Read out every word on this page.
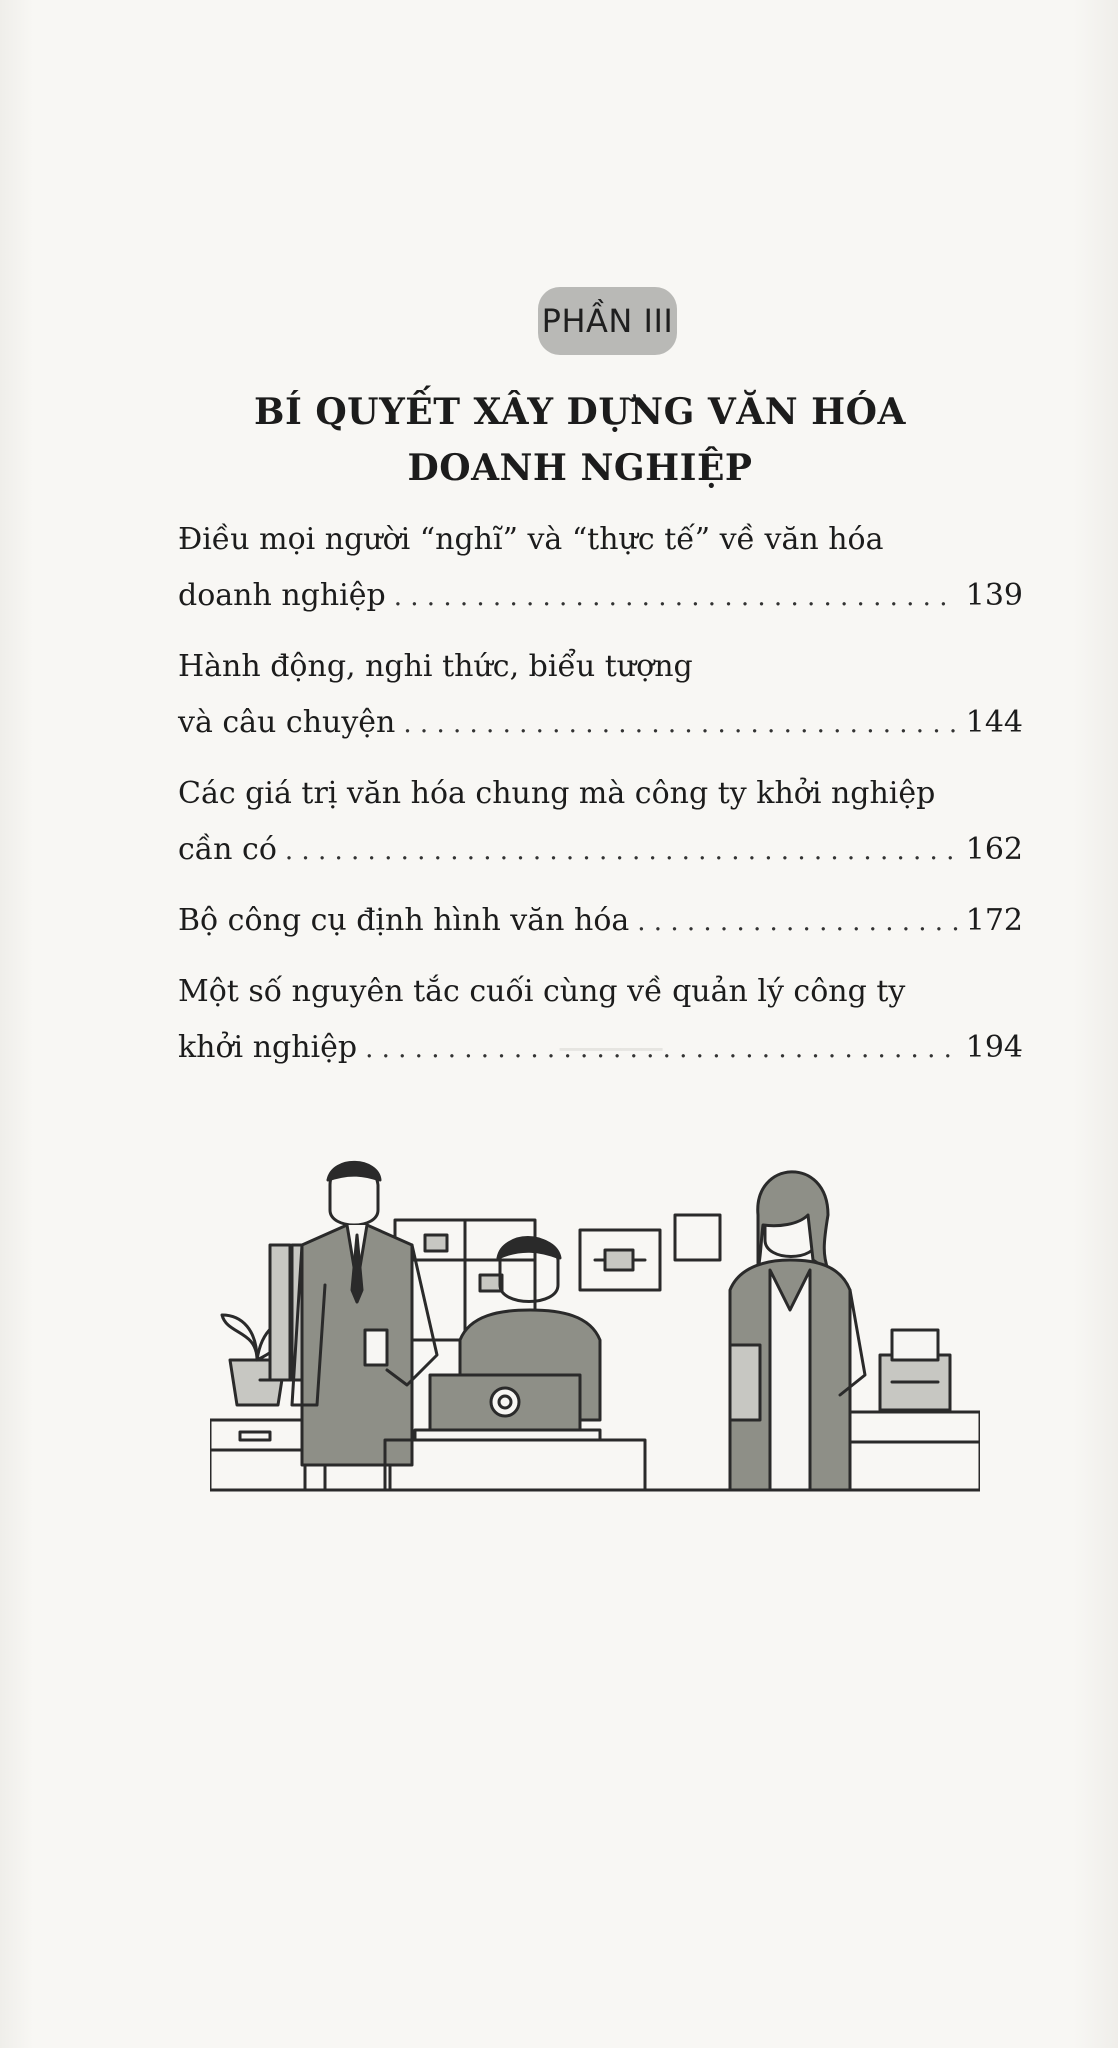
─────
PHẦN III
BÍ QUYẾT XÂY DỰNG VĂN HÓA
DOANH NGHIỆP
Điều mọi người “nghĩ” và “thực tế” về văn hóa
doanh nghiệp . . .	139
Hành động, nghi thức, biểu tượng
và câu chuyện . . .	144
Các giá trị văn hóa chung mà công ty khởi nghiệp
cần có . . .	162
Bộ công cụ định hình văn hóa . . .	172
Một số nguyên tắc cuối cùng về quản lý công ty
khởi nghiệp . . .	194
